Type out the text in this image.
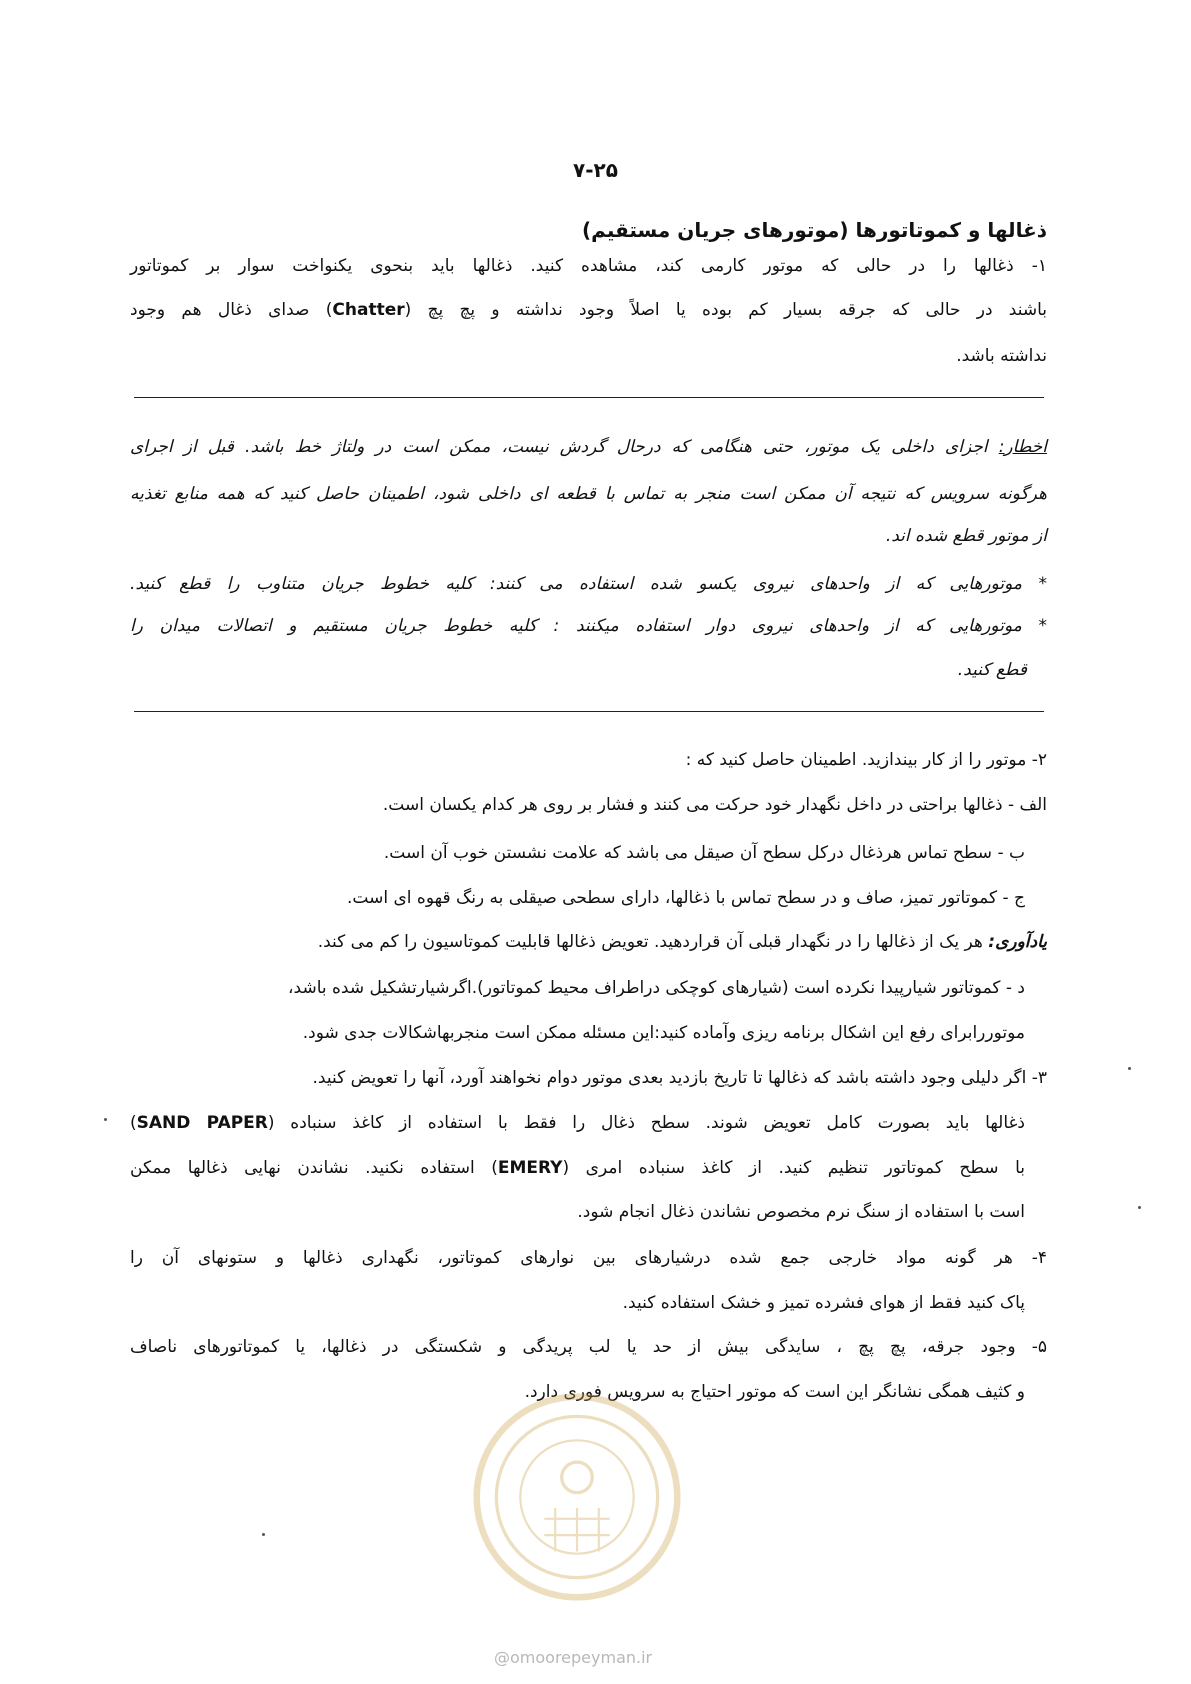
۷-۲۵
ذغالها و کموتاتورها (موتورهای جریان مستقیم)

۱- ذغالها را در حالی که موتور کارمی کند، مشاهده کنید. ذغالها باید بنحوی یکنواخت سوار بر کموتاتور

باشند در حالی که جرقه بسیار کم بوده یا اصلاً وجود نداشته و پچ پچ (Chatter) صدای ذغال هم وجود

نداشته باشد.

اخطار: اجزای داخلی یک موتور، حتی هنگامی که درحال گردش نیست، ممکن است در ولتاژ خط باشد. قبل از اجرای

هرگونه سرویس که نتیجه آن ممکن است منجر به تماس با قطعه ای داخلی شود، اطمینان حاصل کنید که همه منابع تغذیه

از موتور قطع شده اند.

* موتورهایی که از واحدهای نیروی یکسو شده استفاده می کنند: کلیه خطوط جریان متناوب را قطع کنید.

* موتورهایی که از واحدهای نیروی دوار استفاده میکنند : کلیه خطوط جریان مستقیم و اتصالات میدان را

قطع کنید.

۲- موتور را از کار بیندازید. اطمینان حاصل کنید که :

الف - ذغالها براحتی در داخل نگهدار خود حرکت می کنند و فشار بر روی هر کدام یکسان است.

ب - سطح تماس هرذغال درکل سطح آن صیقل می باشد که علامت نشستن خوب آن است.

ج - کموتاتور تمیز، صاف و در سطح تماس با ذغالها، دارای سطحی صیقلی به رنگ قهوه ای است.

یادآوری: هر یک از ذغالها را در نگهدار قبلی آن قراردهید. تعویض ذغالها قابلیت کموتاسیون را کم می کند.

د - کموتاتور شیارپیدا نکرده است (شیارهای کوچکی دراطراف محیط کموتاتور).اگرشیارتشکیل شده باشد،

موتوررابرای رفع این اشکال برنامه ریزی وآماده کنید:این مسئله ممکن است منجربهاشکالات جدی شود.

۳- اگر دلیلی وجود داشته باشد که ذغالها تا تاریخ بازدید بعدی موتور دوام نخواهند آورد، آنها را تعویض کنید.

ذغالها باید بصورت کامل تعویض شوند. سطح ذغال را فقط با استفاده از کاغذ سنباده (SAND PAPER)

با سطح کموتاتور تنظیم کنید. از کاغذ سنباده امری (EMERY) استفاده نکنید. نشاندن نهایی ذغالها ممکن

است با استفاده از سنگ نرم مخصوص نشاندن ذغال انجام شود.

۴- هر گونه مواد خارجی جمع شده درشیارهای بین نوارهای کموتاتور، نگهداری ذغالها و ستونهای آن را

پاک کنید فقط از هوای فشرده تمیز و خشک استفاده کنید.

۵- وجود جرقه، پچ پچ ، سایدگی بیش از حد یا لب پریدگی و شکستگی در ذغالها، یا کموتاتورهای ناصاف

و کثیف همگی نشانگر این است که موتور احتیاج به سرویس فوری دارد.

@omoorepeyman.ir
